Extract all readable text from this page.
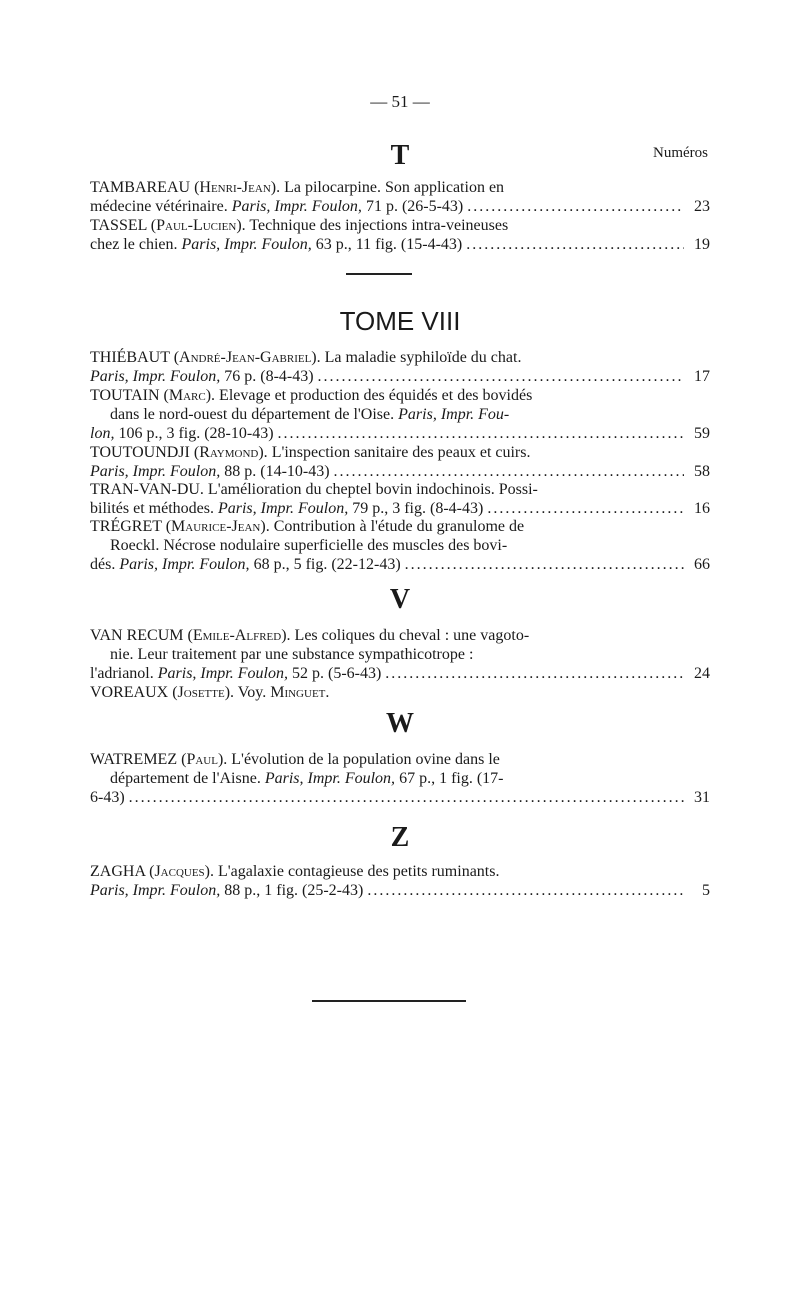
— 51 —
T	Numéros
TAMBAREAU (Henri-Jean). La pilocarpine. Son application en
médecine vétérinaire. Paris, Impr. Foulon, 71 p. (26-5-43) .....	23
TASSEL (Paul-Lucien). Technique des injections intra-veineuses
chez le chien. Paris, Impr. Foulon, 63 p., 11 fig. (15-4-43) .....	19
TOME VIII
THIÉBAUT (André-Jean-Gabriel). La maladie syphiloïde du chat.
Paris, Impr. Foulon, 76 p. (8-4-43) .....	17
TOUTAIN (Marc). Elevage et production des équidés et des bovidés
dans le nord-ouest du département de l'Oise. Paris, Impr. Fou-
lon, 106 p., 3 fig. (28-10-43) .....	59
TOUTOUNDJI (Raymond). L'inspection sanitaire des peaux et cuirs.
Paris, Impr. Foulon, 88 p. (14-10-43) .....	58
TRAN-VAN-DU. L'amélioration du cheptel bovin indochinois. Possi-
bilités et méthodes. Paris, Impr. Foulon, 79 p., 3 fig. (8-4-43) .....	16
TRÉGRET (Maurice-Jean). Contribution à l'étude du granulome de
Roeckl. Nécrose nodulaire superficielle des muscles des bovi-
dés. Paris, Impr. Foulon, 68 p., 5 fig. (22-12-43) .....	66
V
VAN RECUM (Emile-Alfred). Les coliques du cheval : une vagoto-
nie. Leur traitement par une substance sympathicotrope :
l'adrianol. Paris, Impr. Foulon, 52 p. (5-6-43) .....	24
VOREAUX (Josette). Voy. Minguet.
W
WATREMEZ (Paul). L'évolution de la population ovine dans le
département de l'Aisne. Paris, Impr. Foulon, 67 p., 1 fig. (17-
6-43) .....	31
Z
ZAGHA (Jacques). L'agalaxie contagieuse des petits ruminants.
Paris, Impr. Foulon, 88 p., 1 fig. (25-2-43) .....	5
